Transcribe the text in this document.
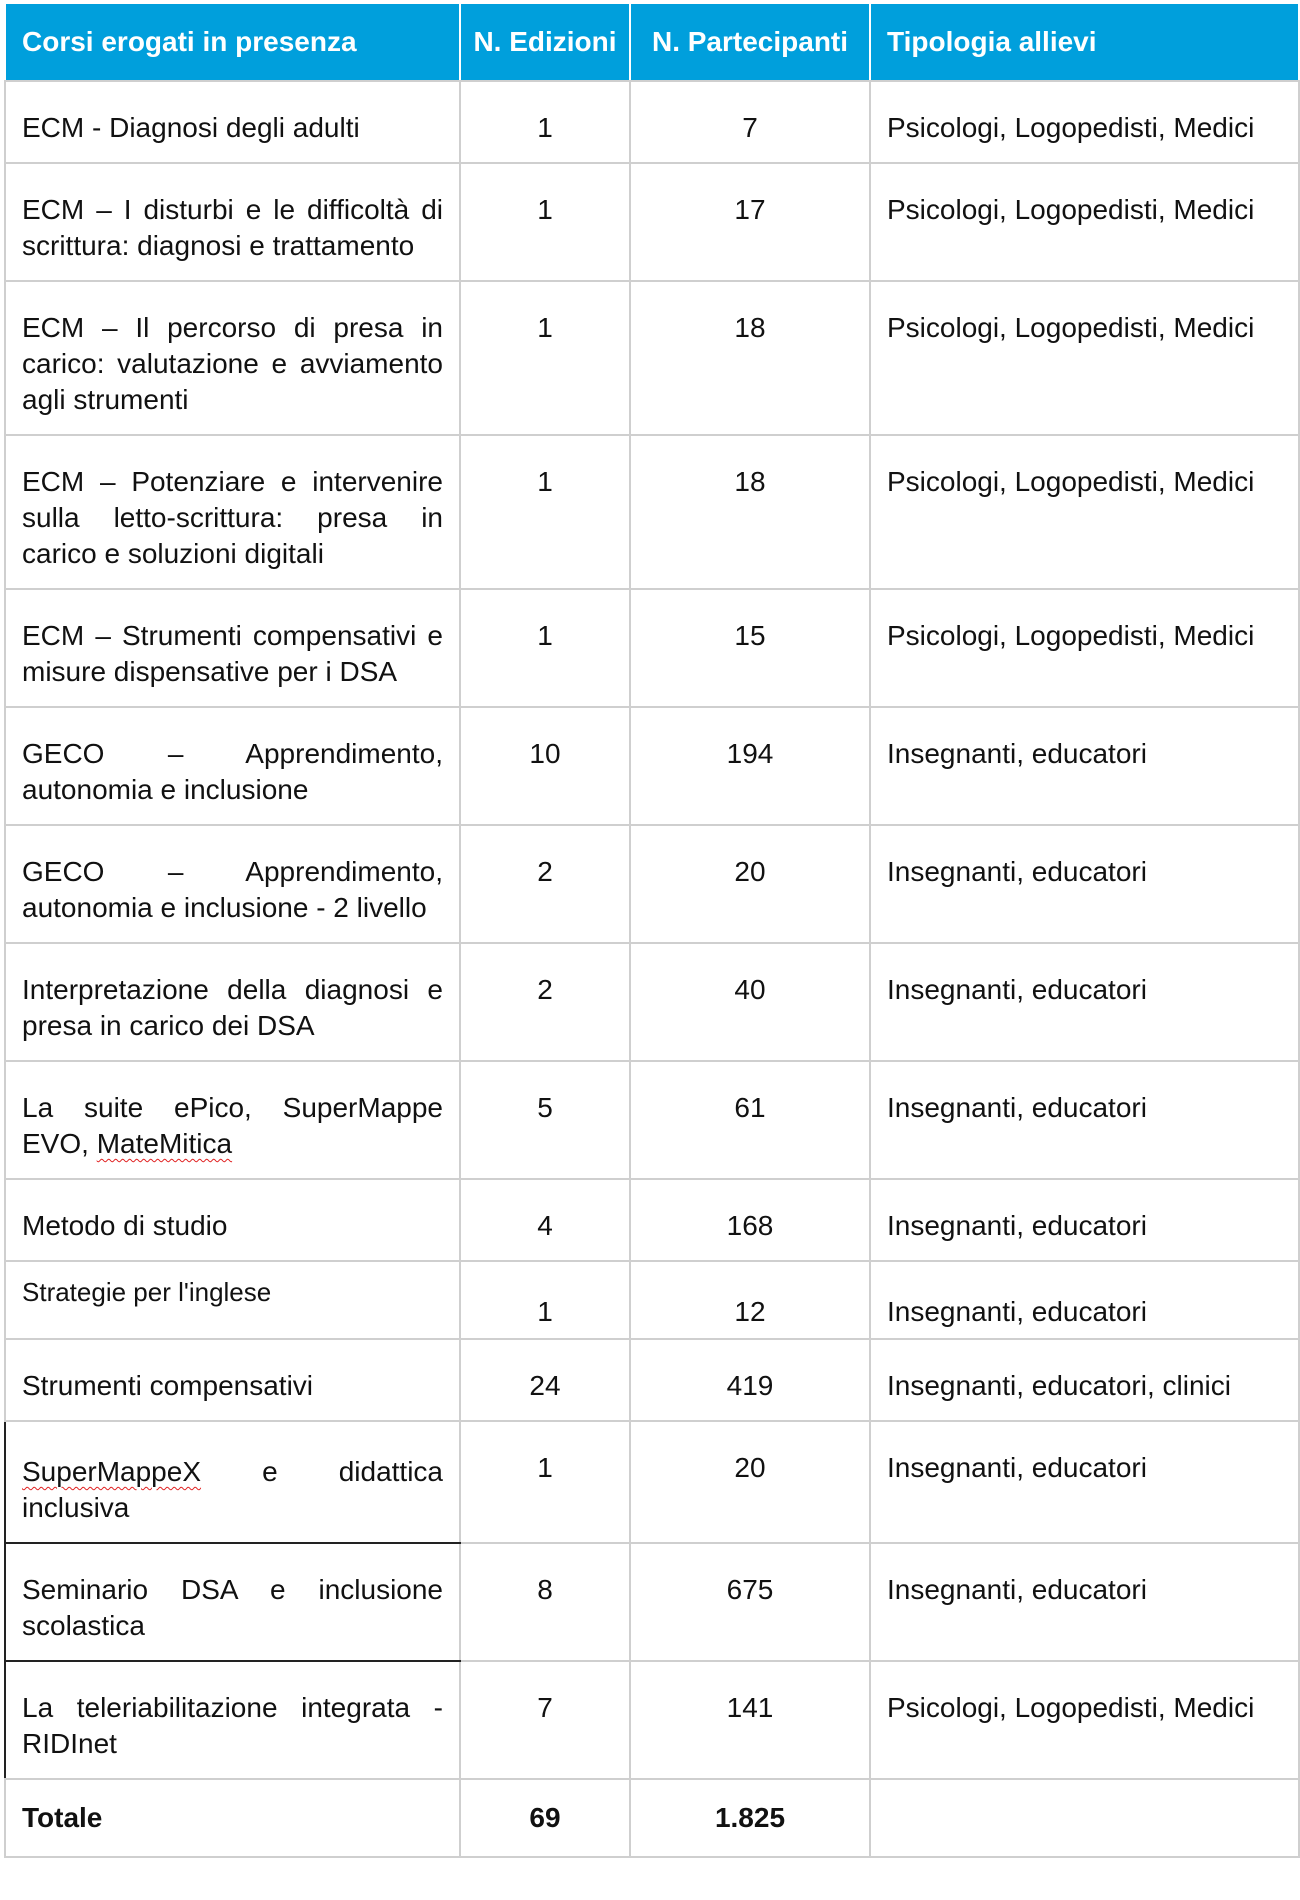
Corsi erogati in presenza	N. Edizioni	N. Partecipanti	Tipologia allievi
ECM - Diagnosi degli adulti	1	7	Psicologi, Logopedisti, Medici
ECM – I disturbi e le difficoltà di scrittura: diagnosi e trattamento	1	17	Psicologi, Logopedisti, Medici
ECM – Il percorso di presa in carico: valutazione e avviamento agli strumenti	1	18	Psicologi, Logopedisti, Medici
ECM – Potenziare e intervenire sulla letto-scrittura: presa in carico e soluzioni digitali	1	18	Psicologi, Logopedisti, Medici
ECM – Strumenti compensativi e misure dispensative per i DSA	1	15	Psicologi, Logopedisti, Medici
GECO – Apprendimento, autonomia e inclusione	10	194	Insegnanti, educatori
GECO – Apprendimento, autonomia e inclusione - 2 livello	2	20	Insegnanti, educatori
Interpretazione della diagnosi e presa in carico dei DSA	2	40	Insegnanti, educatori
La suite ePico, SuperMappe EVO, MateMitica	5	61	Insegnanti, educatori
Metodo di studio	4	168	Insegnanti, educatori
Strategie per l'inglese	1	12	Insegnanti, educatori
Strumenti compensativi	24	419	Insegnanti, educatori, clinici
SuperMappeX e didattica inclusiva	1	20	Insegnanti, educatori
Seminario DSA e inclusione scolastica	8	675	Insegnanti, educatori
La teleriabilitazione integrata - RIDInet	7	141	Psicologi, Logopedisti, Medici
Totale	69	1.825	
